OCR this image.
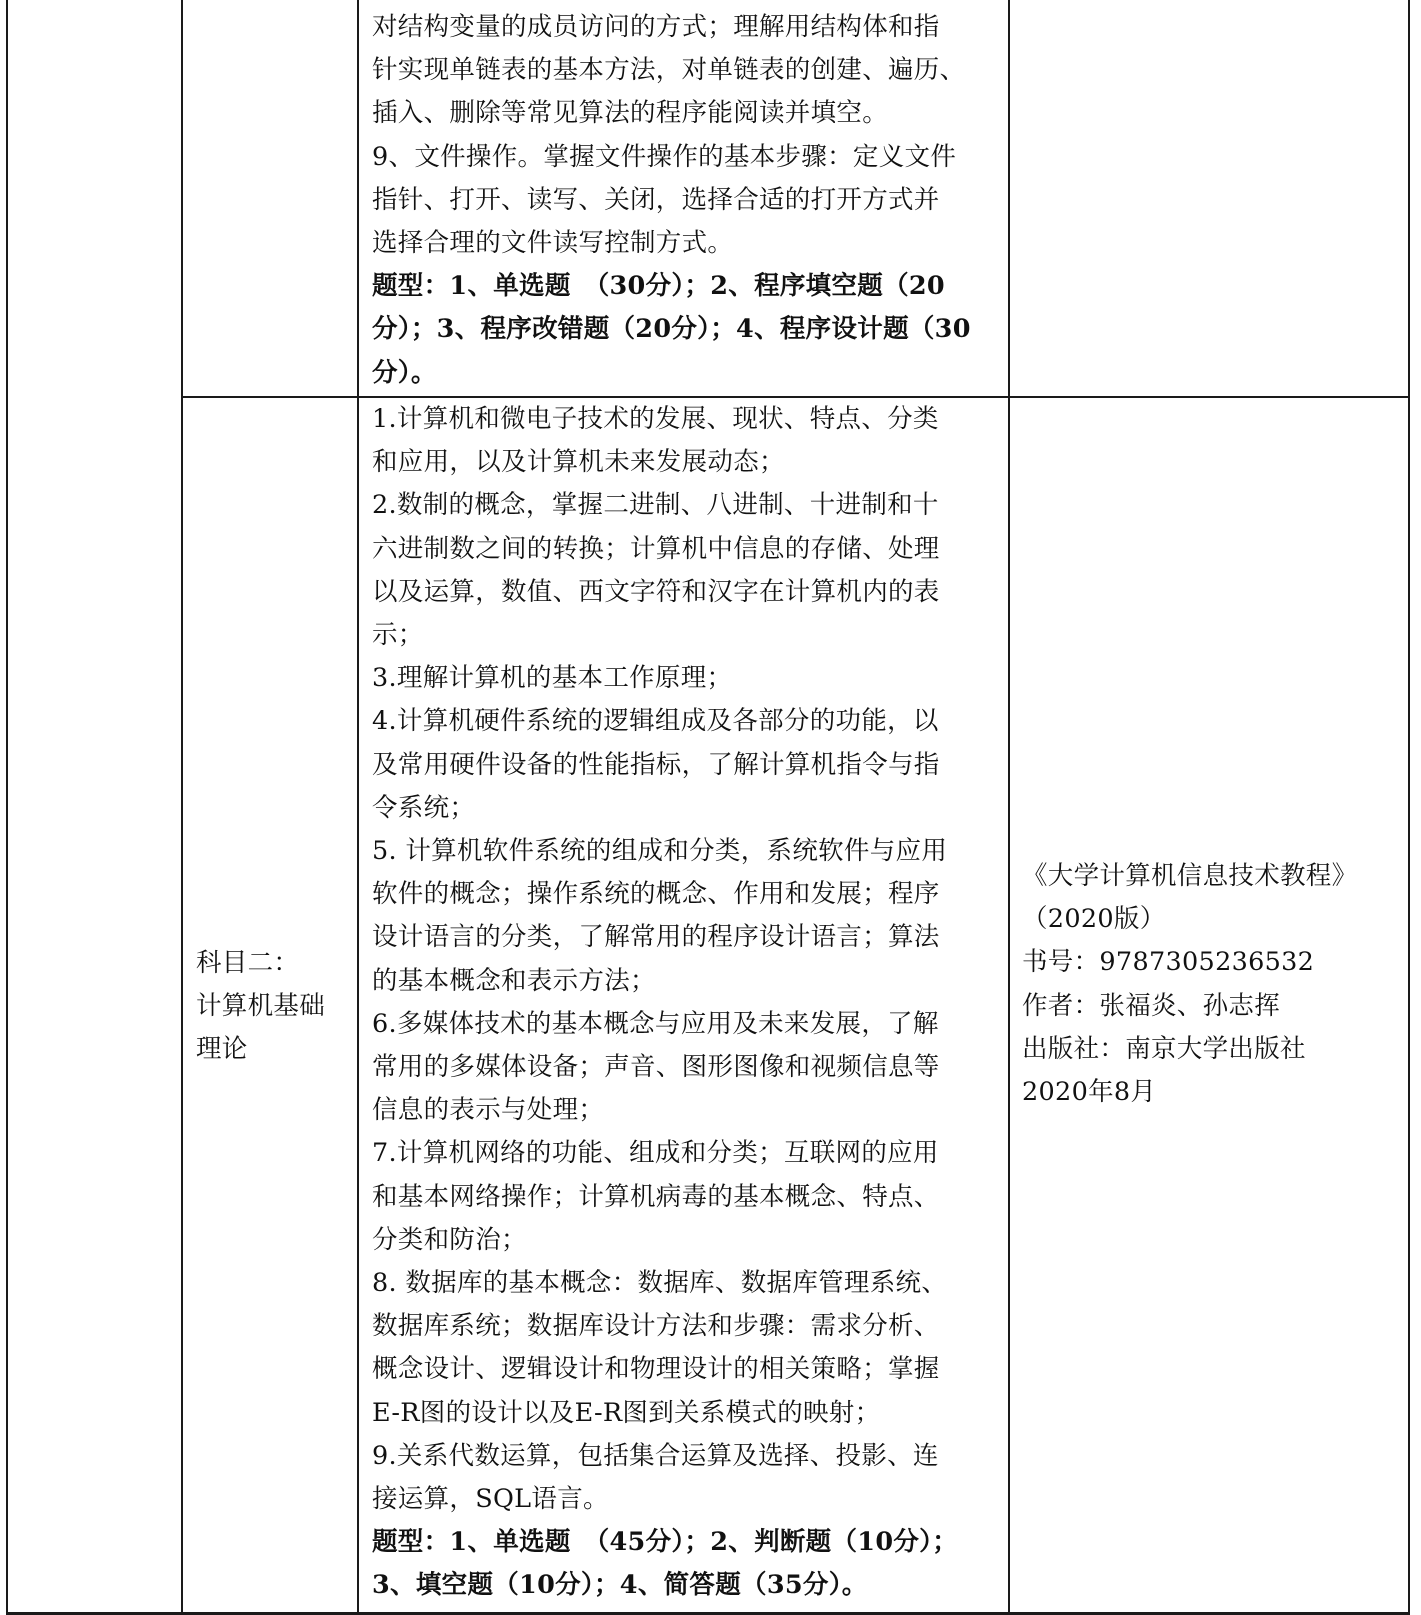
对结构变量的成员访问的方式；理解用结构体和指

针实现单链表的基本方法，对单链表的创建、遍历、

插入、删除等常见算法的程序能阅读并填空。

9、文件操作。掌握文件操作的基本步骤：定义文件

指针、打开、读写、关闭，选择合适的打开方式并

选择合理的文件读写控制方式。

题型：1、单选题　（30分）；2、程序填空题（20

分）；3、程序改错题（20分）；4、程序设计题（30

分）。

科目二：

计算机基础

理论

1.计算机和微电子技术的发展、现状、特点、分类

和应用，以及计算机未来发展动态；

2.数制的概念，掌握二进制、八进制、十进制和十

六进制数之间的转换；计算机中信息的存储、处理

以及运算，数值、西文字符和汉字在计算机内的表

示；

3.理解计算机的基本工作原理；

4.计算机硬件系统的逻辑组成及各部分的功能，以

及常用硬件设备的性能指标，了解计算机指令与指

令系统；

5. 计算机软件系统的组成和分类，系统软件与应用

软件的概念；操作系统的概念、作用和发展；程序

设计语言的分类，了解常用的程序设计语言；算法

的基本概念和表示方法；

6.多媒体技术的基本概念与应用及未来发展，了解

常用的多媒体设备；声音、图形图像和视频信息等

信息的表示与处理；

7.计算机网络的功能、组成和分类；互联网的应用

和基本网络操作；计算机病毒的基本概念、特点、

分类和防治；

8. 数据库的基本概念：数据库、数据库管理系统、

数据库系统；数据库设计方法和步骤：需求分析、

概念设计、逻辑设计和物理设计的相关策略；掌握

E-R图的设计以及E-R图到关系模式的映射；

9.关系代数运算，包括集合运算及选择、投影、连

接运算，SQL语言。

题型：1、单选题　（45分）；2、判断题（10分）；

3、填空题（10分）；4、简答题（35分）。

《大学计算机信息技术教程》

（2020版）

书号：9787305236532

作者：张福炎、孙志挥

出版社：南京大学出版社

2020年8月
